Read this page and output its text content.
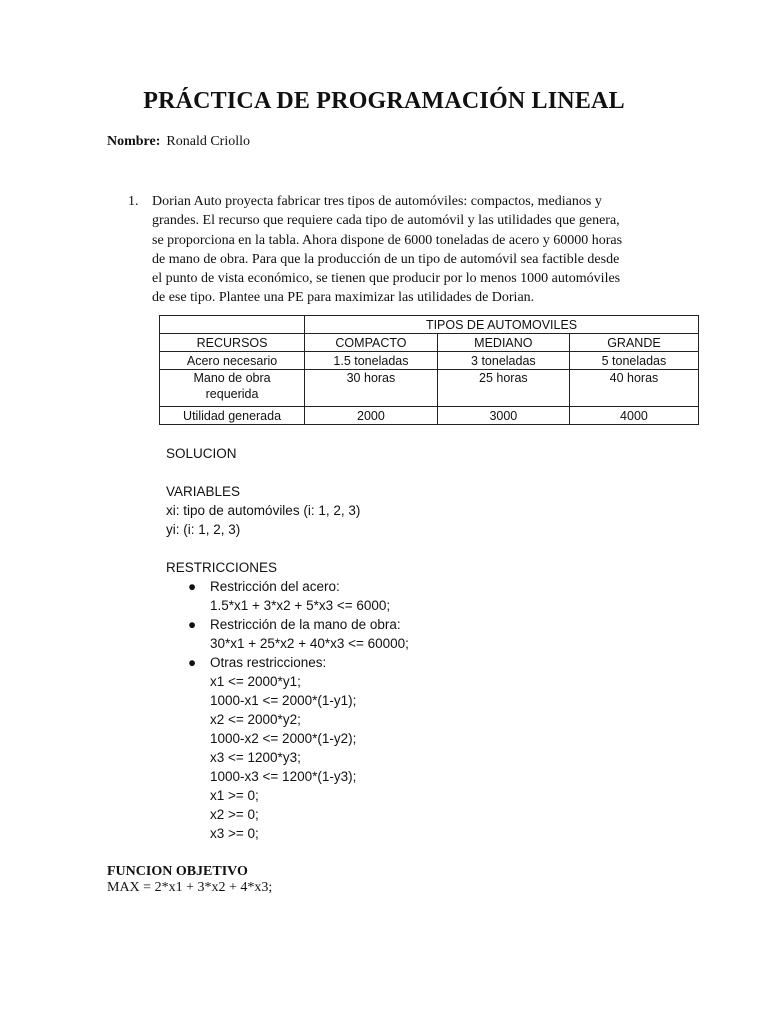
PRÁCTICA DE PROGRAMACIÓN LINEAL
Nombre: Ronald Criollo
1. Dorian Auto proyecta fabricar tres tipos de automóviles: compactos, medianos y
grandes. El recurso que requiere cada tipo de automóvil y las utilidades que genera,
se proporciona en la tabla. Ahora dispone de 6000 toneladas de acero y 60000 horas
de mano de obra. Para que la producción de un tipo de automóvil sea factible desde
el punto de vista económico, se tienen que producir por lo menos 1000 automóviles
de ese tipo. Plantee una PE para maximizar las utilidades de Dorian.
	TIPOS DE AUTOMOVILES		
RECURSOS	COMPACTO	MEDIANO	GRANDE
Acero necesario	1.5 toneladas	3 toneladas	5 toneladas

Mano de obra
requerida	30 horas	25 horas	40 horas
Utilidad generada	2000	3000	4000
SOLUCION
VARIABLES
xi: tipo de automóviles (i: 1, 2, 3)
yi: (i: 1, 2, 3)
RESTRICCIONES
● Restricción del acero:
1.5*x1 + 3*x2 + 5*x3 <= 6000;
● Restricción de la mano de obra:
30*x1 + 25*x2 + 40*x3 <= 60000;
● Otras restricciones:
x1 <= 2000*y1;
1000-x1 <= 2000*(1-y1);
x2 <= 2000*y2;
1000-x2 <= 2000*(1-y2);
x3 <= 1200*y3;
1000-x3 <= 1200*(1-y3);
x1 >= 0;
x2 >= 0;
x3 >= 0;
FUNCION OBJETIVO
MAX = 2*x1 + 3*x2 + 4*x3;
